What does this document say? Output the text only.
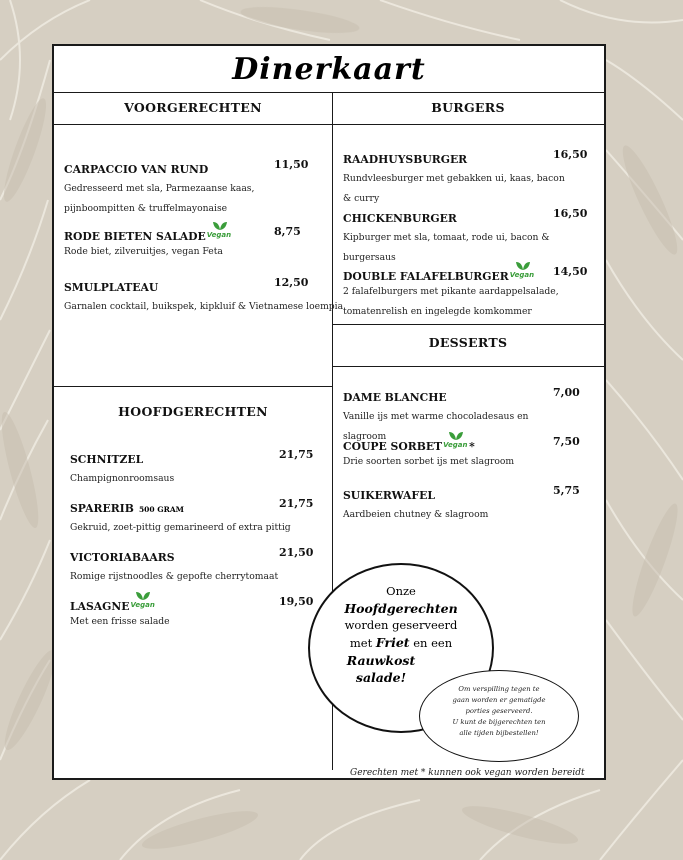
Dinerkaart
VOORGERECHTEN	BURGERS
DESSERTS
HOOFDGERECHTEN
CARPACCIO VAN RUND	11,50
Gedresseerd met sla, Parmezaanse kaas, pijnboompitten & truffelmayonaise
RODE BIETEN SALADE Vegan	8,75
Rode biet, zilveruitjes, vegan Feta
SMULPLATEAU	12,50
Garnalen cocktail, buikspek, kipkluif & Vietnamese loempia
SCHNITZEL	21,75
Champignonroomsaus
SPARERIB 500 GRAM	21,75
Gekruid, zoet-pittig gemarineerd of extra pittig
VICTORIABAARS	21,50
Romige rijstnoodles & gepofte cherrytomaat
LASAGNE Vegan	19,50
Met een frisse salade
RAADHUYSBURGER	16,50
Rundvleesburger met gebakken ui, kaas, bacon & curry
CHICKENBURGER	16,50
Kipburger met sla, tomaat, rode ui, bacon & burgersaus
DOUBLE FALAFELBURGER Vegan 14,50
2 falafelburgers met pikante aardappelsalade, tomatenrelish en ingelegde komkommer
DAME BLANCHE	7,00
Vanille ijs met warme chocoladesaus en slagroom
COUPE SORBET Vegan *	7,50
Drie soorten sorbet ijs met slagroom
SUIKERWAFEL	5,75
Aardbeien chutney & slagroom
Gerechten met * kunnen ook vegan worden bereidt
Onze
Hoofdgerechten
worden geserveerd
met Friet en een
Rauwkost
salade!
Om verspilling tegen te
gaan worden er gematigde
porties geserveerd.
U kunt de bijgerechten ten
alle tijden bijbestellen!
